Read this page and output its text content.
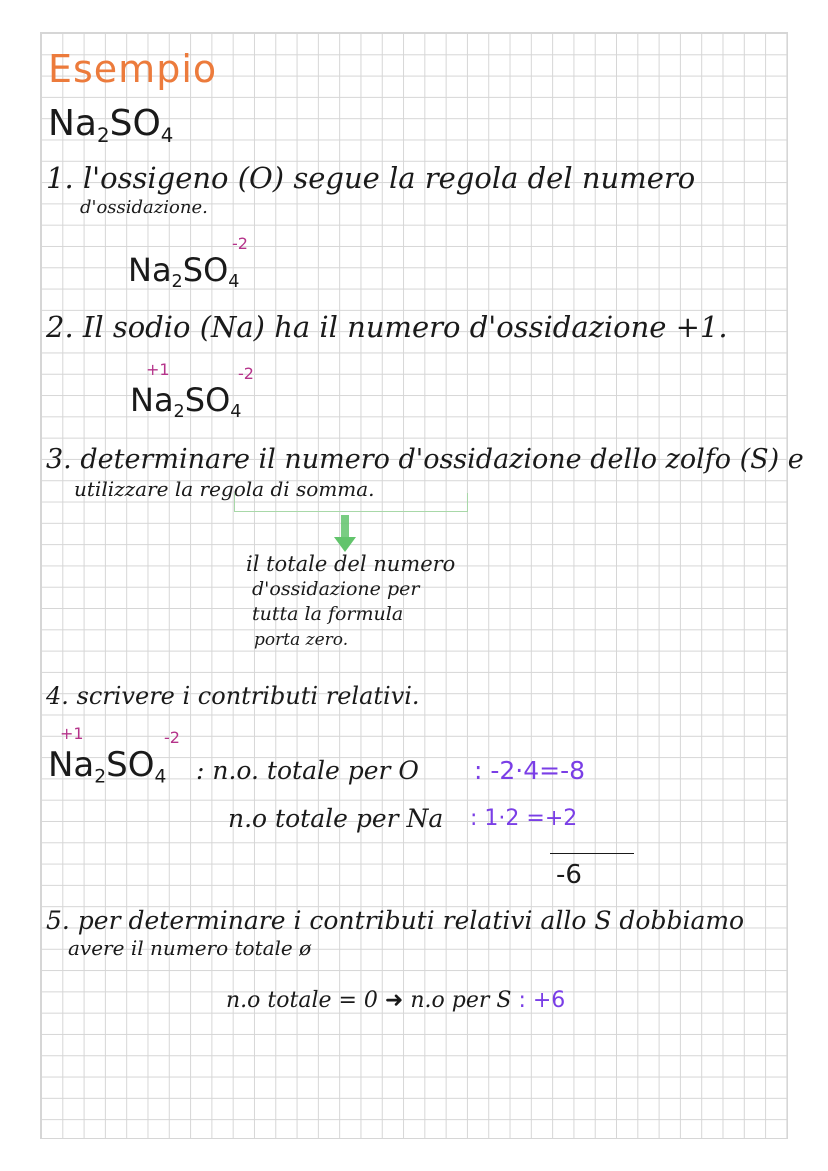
Esempio
$Na_2SO_4$
1. l'ossigeno (O) segue la regola del numero
d'ossidazione.
-2
$Na_2SO_4$
2. Il sodio (Na) ha il numero d'ossidazione +1.
+1	-2
$Na_2SO_4$
3. determinare il numero d'ossidazione dello zolfo (S) e
utilizzare la regola di somma.
il totale del numero
d'ossidazione per
tutta la formula
porta zero.
4. scrivere i contributi relativi.
+1	-2
$Na_2SO_4$ : n.o. totale per O : -2·4=-8
n.o totale per Na : 1·2 =+2
-6
5. per determinare i contributi relativi allo S dobbiamo
avere il numero totale ø
n.o totale = 0 ➜ n.o per S : +6
